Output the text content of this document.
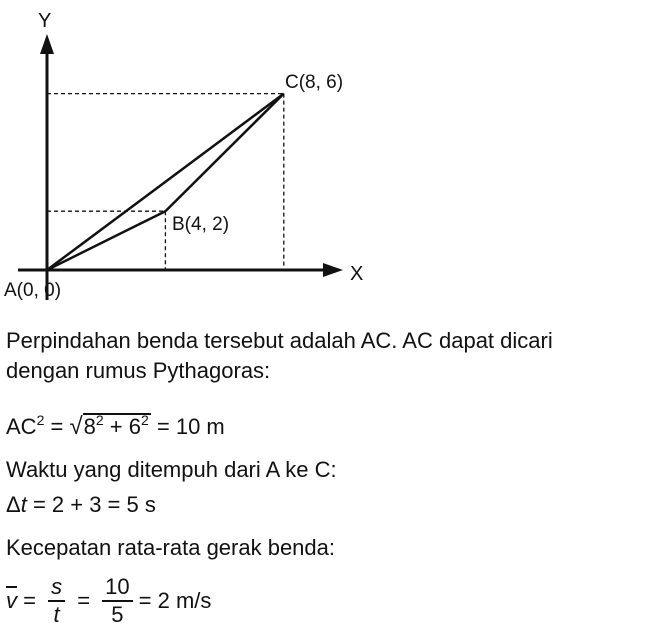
Y
X
A(0, 0)
B(4, 2)
C(8, 6)
Perpindahan benda tersebut adalah AC. AC dapat dicari
dengan rumus Pythagoras:
$AC^2 = √8^2 + 6^2 = 10$ m
Waktu yang ditempuh dari A ke C:
Δt = 2 + 3 = 5 s
Kecepatan rata-rata gerak benda:
$\overline{v} = \frac{s}{t} = \frac{10}{5} = 2$ m/s
